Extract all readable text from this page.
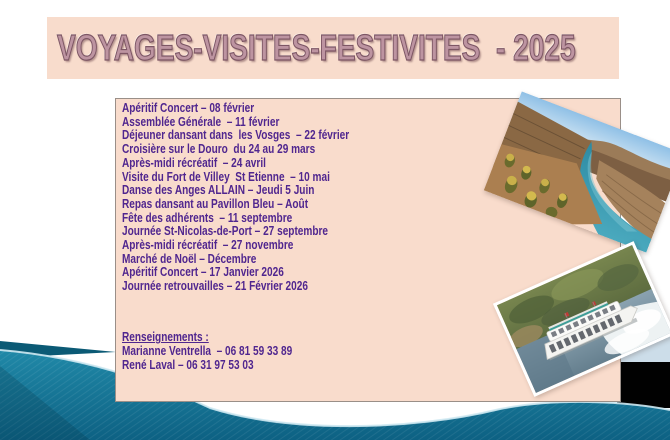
VOYAGES-VISITES-FESTIVITES  - 2025
Apéritif Concert – 08 février
Assemblée Générale  – 11 février
Déjeuner dansant dans  les Vosges  – 22 février
Croisière sur le Douro  du 24 au 29 mars
Après-midi récréatif  – 24 avril
Visite du Fort de Villey  St Etienne  – 10 mai
Danse des Anges ALLAIN – Jeudi 5 Juin
Repas dansant au Pavillon Bleu – Août
Fête des adhérents  – 11 septembre
Journée St-Nicolas-de-Port – 27 septembre
Après-midi récréatif  – 27 novembre
Marché de Noël – Décembre
Apéritif Concert – 17 Janvier 2026
Journée retrouvailles – 21 Février 2026
Renseignements :
Marianne Ventrella  – 06 81 59 33 89
René Laval – 06 31 97 53 03
